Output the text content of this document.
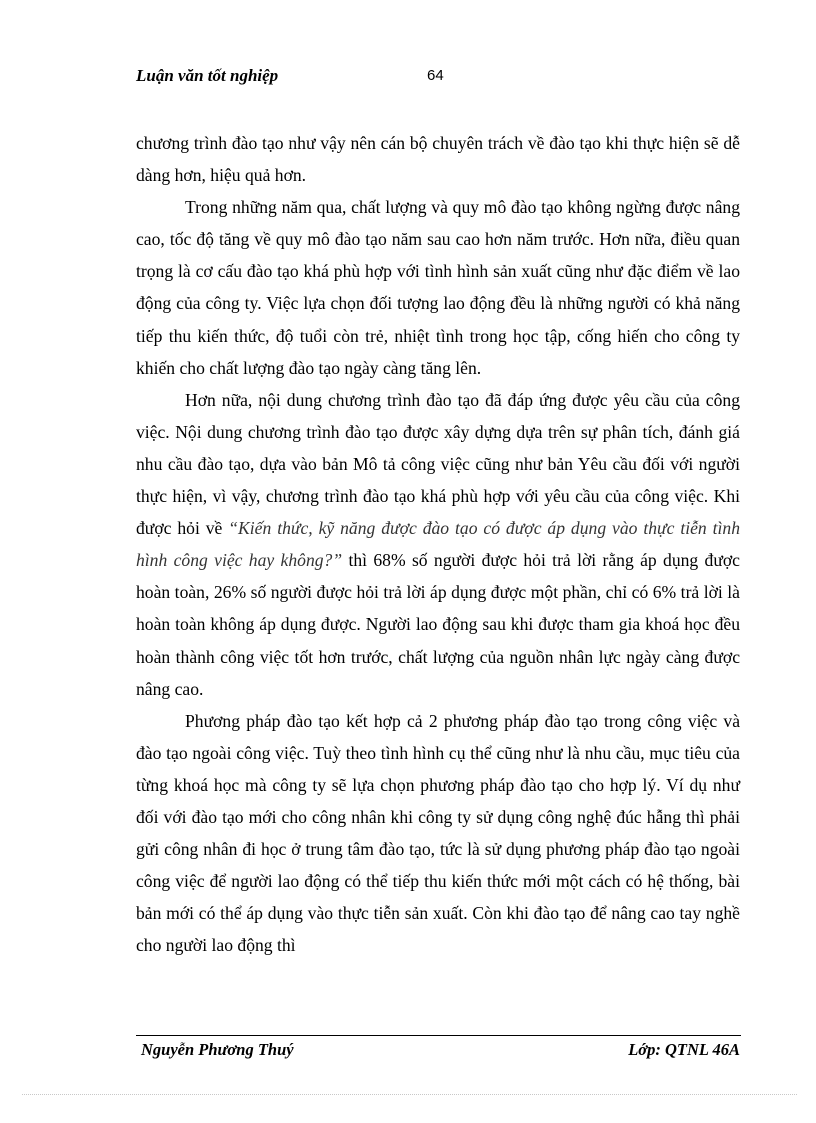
Luận văn tốt nghiệp	64

chương trình đào tạo như vậy nên cán bộ chuyên trách về đào tạo khi thực hiện sẽ dễ dàng hơn, hiệu quả hơn.

Trong những năm qua, chất lượng và quy mô đào tạo không ngừng được nâng cao, tốc độ tăng về quy mô đào tạo năm sau cao hơn năm trước. Hơn nữa, điều quan trọng là cơ cấu đào tạo khá phù hợp với tình hình sản xuất cũng như đặc điểm về lao động của công ty. Việc lựa chọn đối tượng lao động đều là những người có khả năng tiếp thu kiến thức, độ tuổi còn trẻ, nhiệt tình trong học tập, cống hiến cho công ty khiến cho chất lượng đào tạo ngày càng tăng lên.

Hơn nữa, nội dung chương trình đào tạo đã đáp ứng được yêu cầu của công việc. Nội dung chương trình đào tạo được xây dựng dựa trên sự phân tích, đánh giá nhu cầu đào tạo, dựa vào bản Mô tả công việc cũng như bản Yêu cầu đối với người thực hiện, vì vậy, chương trình đào tạo khá phù hợp với yêu cầu của công việc. Khi được hỏi về “Kiến thức, kỹ năng được đào tạo có được áp dụng vào thực tiễn tình hình công việc hay không?” thì 68% số người được hỏi trả lời rằng áp dụng được hoàn toàn, 26% số người được hỏi trả lời áp dụng được một phần, chỉ có 6% trả lời là hoàn toàn không áp dụng được. Người lao động sau khi được tham gia khoá học đều hoàn thành công việc tốt hơn trước, chất lượng của nguồn nhân lực ngày càng được nâng cao.

Phương pháp đào tạo kết hợp cả 2 phương pháp đào tạo trong công việc và đào tạo ngoài công việc. Tuỳ theo tình hình cụ thể cũng như là nhu cầu, mục tiêu của từng khoá học mà công ty sẽ lựa chọn phương pháp đào tạo cho hợp lý. Ví dụ như đối với đào tạo mới cho công nhân khi công ty sử dụng công nghệ đúc hẫng thì phải gửi công nhân đi học ở trung tâm đào tạo, tức là sử dụng phương pháp đào tạo ngoài công việc để người lao động có thể tiếp thu kiến thức mới một cách có hệ thống, bài bản mới có thể áp dụng vào thực tiễn sản xuất. Còn khi đào tạo để nâng cao tay nghề cho người lao động thì

Nguyễn Phương Thuý	Lớp: QTNL 46A
